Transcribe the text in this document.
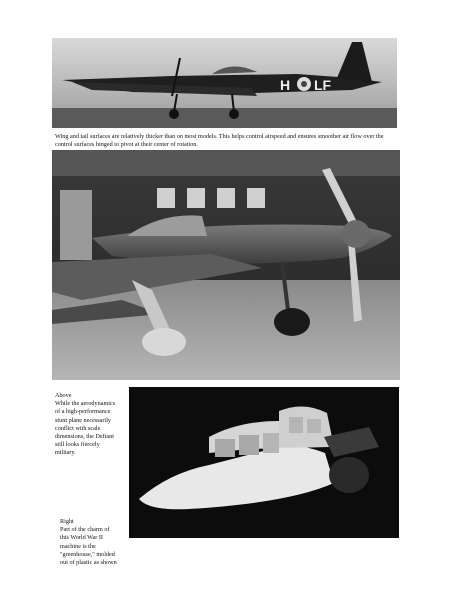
H LF
Wing and tail surfaces are relatively thicker than on most models. This helps control airspeed and ensures smoother air flow over the
control surfaces hinged to pivot at their center of rotation.
Above
While the aerodynamics
of a high-performance
stunt plane necessarily
conflict with scale
dimensions, the Defiant
still looks fiercely
military.
Right
Part of the charm of
this World War II
machine is the
"greenhouse," molded
out of plastic as shown
